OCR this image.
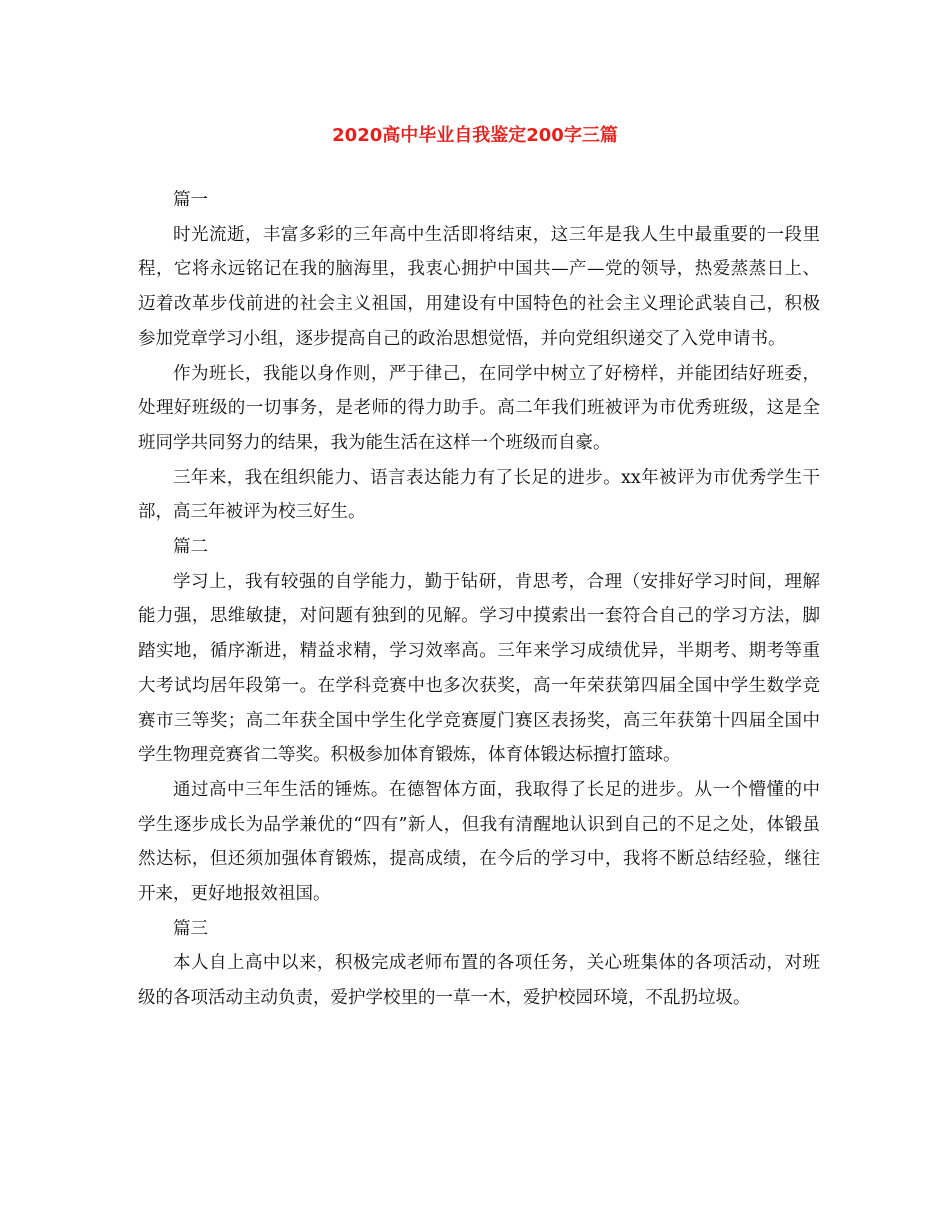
2020高中毕业自我鉴定200字三篇

篇一

时光流逝，丰富多彩的三年高中生活即将结束，这三年是我人生中最重要的一段里程，它将永远铭记在我的脑海里，我衷心拥护中国共—产—党的领导，热爱蒸蒸日上、迈着改革步伐前进的社会主义祖国，用建设有中国特色的社会主义理论武装自己，积极参加党章学习小组，逐步提高自己的政治思想觉悟，并向党组织递交了入党申请书。

作为班长，我能以身作则，严于律己，在同学中树立了好榜样，并能团结好班委，处理好班级的一切事务，是老师的得力助手。高二年我们班被评为市优秀班级，这是全班同学共同努力的结果，我为能生活在这样一个班级而自豪。

三年来，我在组织能力、语言表达能力有了长足的进步。xx年被评为市优秀学生干部，高三年被评为校三好生。

篇二

学习上，我有较强的自学能力，勤于钻研，肯思考，合理（安排好学习时间，理解能力强，思维敏捷，对问题有独到的见解。学习中摸索出一套符合自己的学习方法，脚踏实地，循序渐进，精益求精，学习效率高。三年来学习成绩优异，半期考、期考等重大考试均居年段第一。在学科竞赛中也多次获奖，高一年荣获第四届全国中学生数学竞赛市三等奖；高二年获全国中学生化学竞赛厦门赛区表扬奖，高三年获第十四届全国中学生物理竞赛省二等奖。积极参加体育锻炼，体育体锻达标擅打篮球。

通过高中三年生活的锤炼。在德智体方面，我取得了长足的进步。从一个懵懂的中学生逐步成长为品学兼优的“四有”新人，但我有清醒地认识到自己的不足之处，体锻虽然达标，但还须加强体育锻炼，提高成绩，在今后的学习中，我将不断总结经验，继往开来，更好地报效祖国。

篇三

本人自上高中以来，积极完成老师布置的各项任务，关心班集体的各项活动，对班级的各项活动主动负责，爱护学校里的一草一木，爱护校园环境，不乱扔垃圾。
